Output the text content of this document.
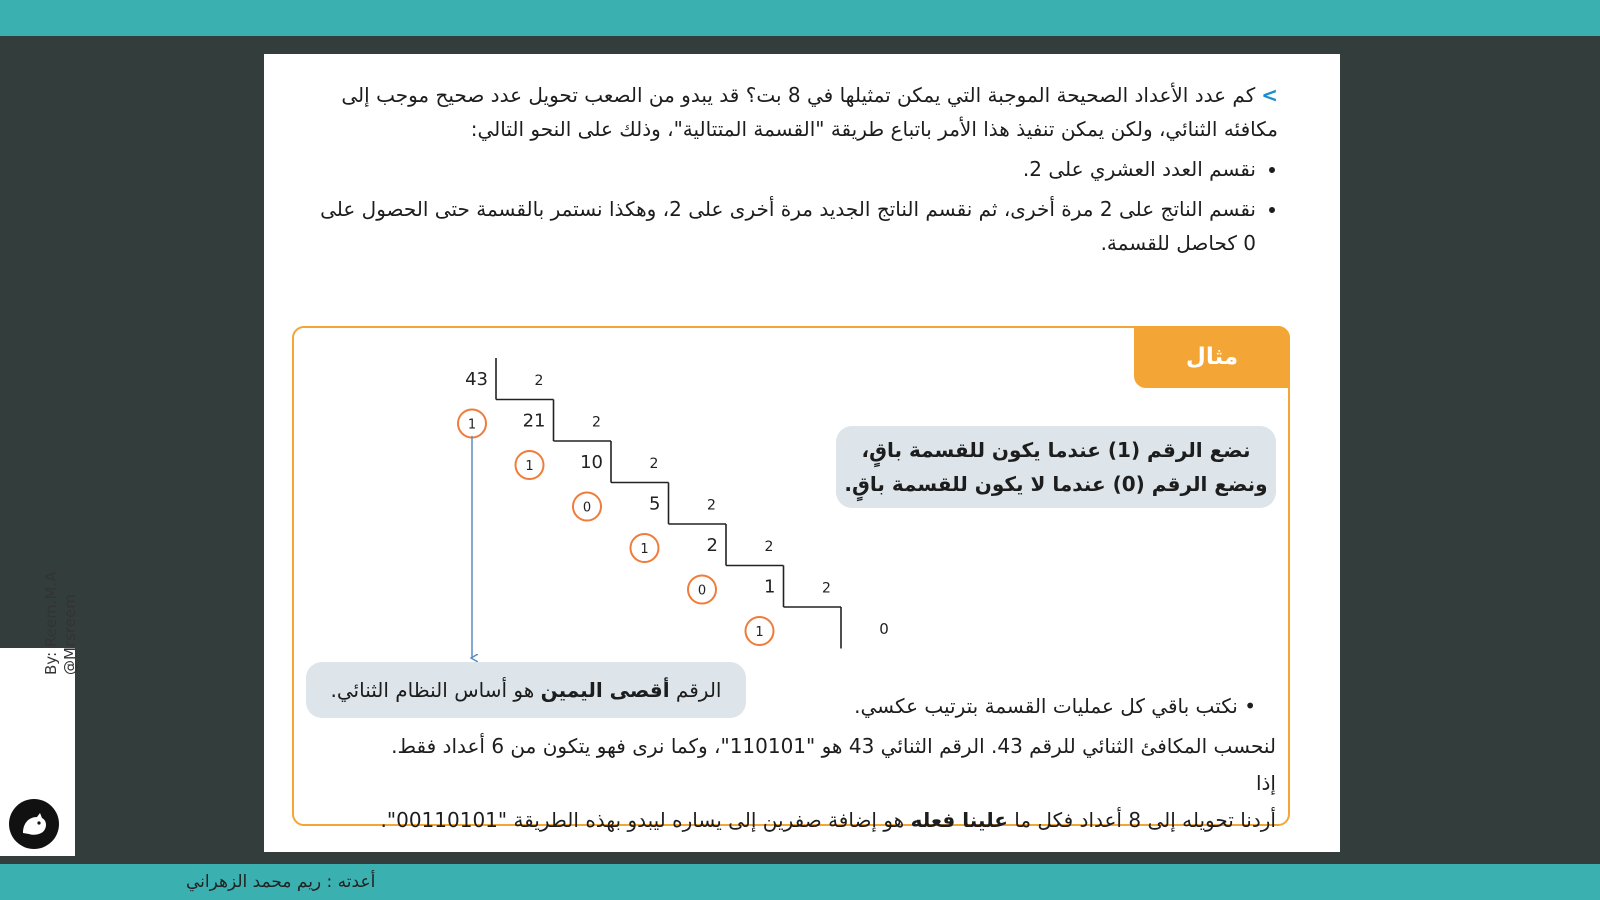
أعدته : ريم محمد الزهراني

>كم عدد الأعداد الصحيحة الموجبة التي يمكن تمثيلها في 8 بت؟ قد يبدو من الصعب تحويل عدد صحيح موجب إلى مكافئه الثنائي، ولكن يمكن تنفيذ هذا الأمر باتباع طريقة "القسمة المتتالية"، وذلك على النحو التالي:

• نقسم العدد العشري على 2.
• نقسم الناتج على 2 مرة أخرى، ثم نقسم الناتج الجديد مرة أخرى على 2، وهكذا نستمر بالقسمة حتى الحصول على 0 كحاصل للقسمة.
مثال
نضع الرقم (1) عندما يكون للقسمة باقٍ،
ونضع الرقم (0) عندما لا يكون للقسمة باقٍ.
43	2
1	21	2
1	10	2
0	5	2
1	2	2
0	1	2
1	0
الرقم أقصى اليمين هو أساس النظام الثنائي.
• نكتب باقي كل عمليات القسمة بترتيب عكسي.

لنحسب المكافئ الثنائي للرقم 43. الرقم الثنائي 43 هو "110101"، وكما نرى فهو يتكون من 6 أعداد فقط. إذا

أردنا تحويله إلى 8 أعداد فكل ما علينا فعله هو إضافة صفرين إلى يساره ليبدو بهذه الطريقة "00110101".

By: Reem.M.A @Mrsreem
